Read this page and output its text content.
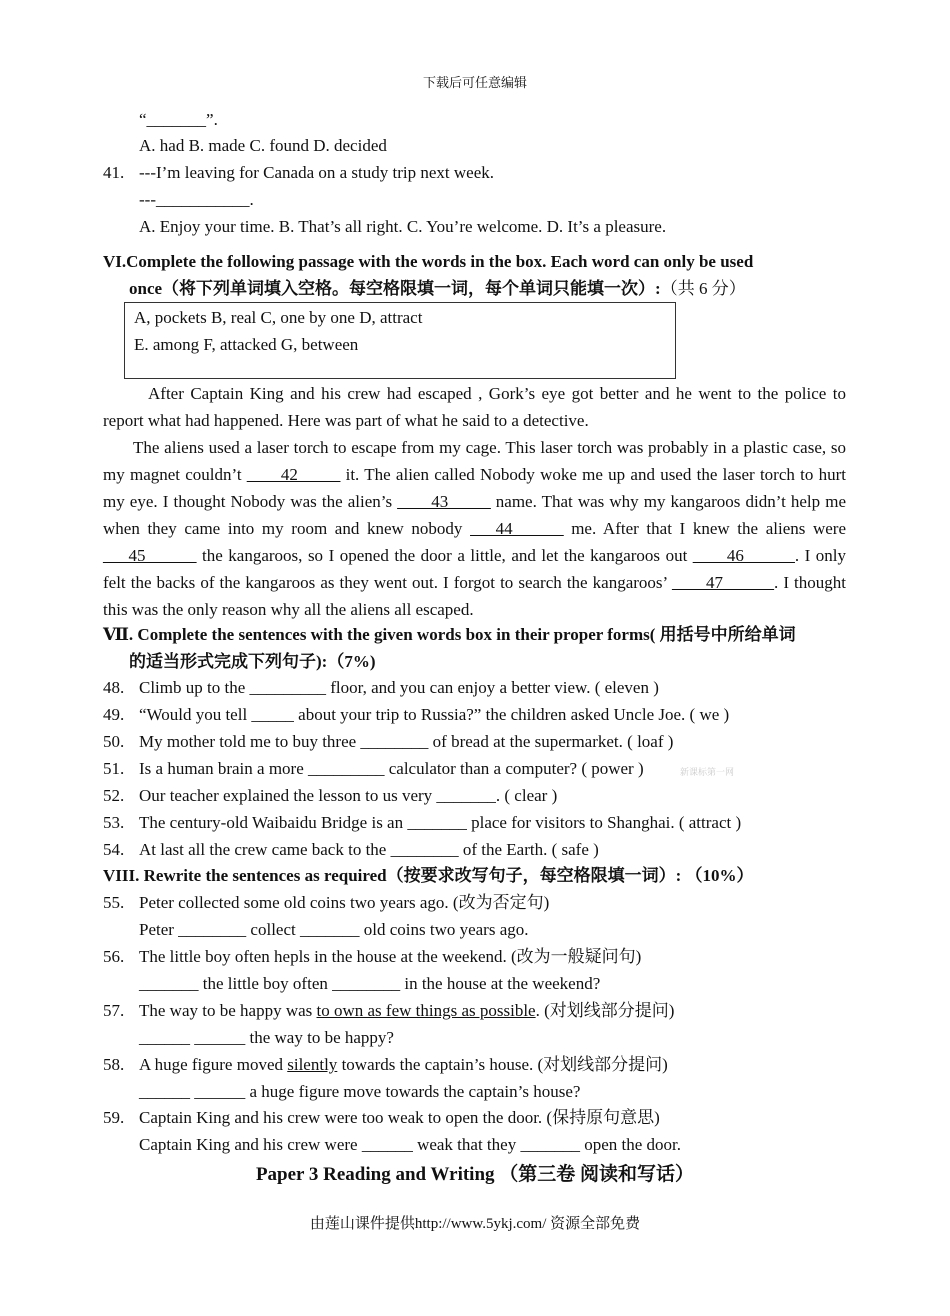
下载后可任意编辑
“_______”.
A. had B. made C. found D. decided
41. ---I’m leaving for Canada on a study trip next week.
---___________.
A. Enjoy your time. B. That’s all right. C. You’re welcome. D. It’s a pleasure.
VI.Complete the following passage with the words in the box. Each word can only be used

once（将下列单词填入空格。每空格限填一词，每个单词只能填一次）:（共 6 分）
A, pockets B, real C, one by one D, attract
E. among F, attacked G, between
After Captain King and his crew had escaped , Gork’s eye got better and he went to the police to report what had happened. Here was part of what he said to a detective.
The aliens used a laser torch to escape from my cage. This laser torch was probably in a plastic case, so my magnet couldn’t ____42_____ it. The alien called Nobody woke me up and used the laser torch to hurt my eye. I thought Nobody was the alien’s ____43_____ name. That was why my kangaroos didn’t help me when they came into my room and knew nobody ___44______ me. After that I knew the aliens were ___45______ the kangaroos, so I opened the door a little, and let the kangaroos out ____46______. I only felt the backs of the kangaroos as they went out. I forgot to search the kangaroos’ ____47______. I thought this was the only reason why all the aliens all escaped.
Ⅶ. Complete the sentences with the given words box in their proper forms( 用括号中所给单词

的适当形式完成下列句子):（7%)
48. Climb up to the _________ floor, and you can enjoy a better view. ( eleven )
49. “Would you tell _____ about your trip to Russia?” the children asked Uncle Joe. ( we )
50. My mother told me to buy three ________ of bread at the supermarket. ( loaf )
51. Is a human brain a more _________ calculator than a computer? ( power )	新课标第一网
52. Our teacher explained the lesson to us very _______. ( clear )
53. The century-old Waibaidu Bridge is an _______ place for visitors to Shanghai. ( attract )
54. At last all the crew came back to the ________ of the Earth. ( safe )
VIII. Rewrite the sentences as required（按要求改写句子，每空格限填一词）: （10%）
55. Peter collected some old coins two years ago. (改为否定句)
Peter ________ collect _______ old coins two years ago.
56. The little boy often hepls in the house at the weekend. (改为一般疑问句)
_______ the little boy often ________ in the house at the weekend?
57. The way to be happy was to own as few things as possible. (对划线部分提问)
______ ______ the way to be happy?
58. A huge figure moved silently towards the captain’s house. (对划线部分提问)
______ ______ a huge figure move towards the captain’s house?
59. Captain King and his crew were too weak to open the door. (保持原句意思)
Captain King and his crew were ______ weak that they _______ open the door.
Paper 3 Reading and Writing （第三卷 阅读和写话）
由莲山课件提供http://www.5ykj.com/ 资源全部免费
